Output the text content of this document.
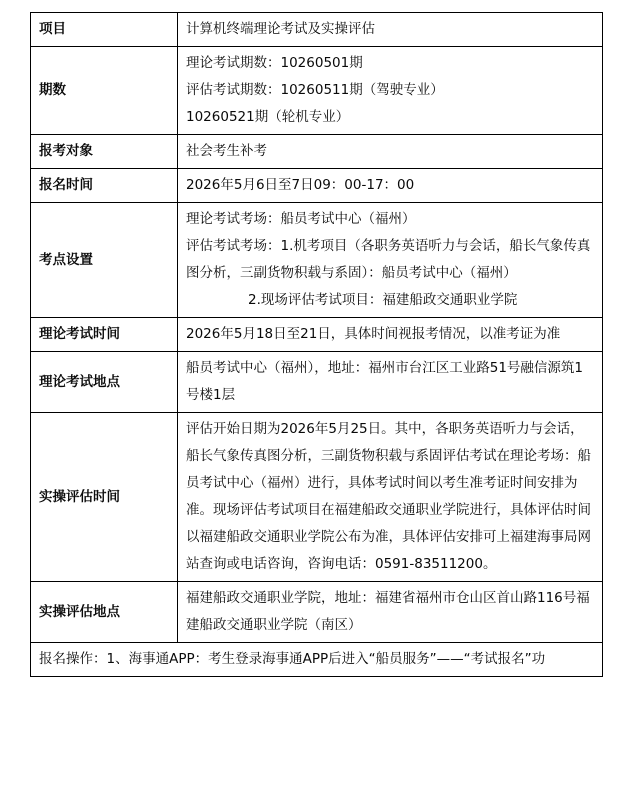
项目	计算机终端理论考试及实操评估

期数	理论考试期数：10260501期
评估考试期数：10260511期（驾驶专业）
10260521期（轮机专业）

报考对象	社会考生补考

报名时间	2026年5月6日至7日09：00-17：00

考点设置	理论考试考场：船员考试中心（福州）
评估考试考场：1.机考项目（各职务英语听力与会话，船长气象传真图分析，三副货物积载与系固）：船员考试中心（福州）
2.现场评估考试项目：福建船政交通职业学院

理论考试时间	2026年5月18日至21日，具体时间视报考情况，以准考证为准

理论考试地点	船员考试中心（福州），地址：福州市台江区工业路51号融信源筑1号楼1层

实操评估时间	评估开始日期为2026年5月25日。其中，各职务英语听力与会话，船长气象传真图分析，三副货物积载与系固评估考试在理论考场：船员考试中心（福州）进行，具体考试时间以考生准考证时间安排为准。现场评估考试项目在福建船政交通职业学院进行，具体评估时间以福建船政交通职业学院公布为准，具体评估安排可上福建海事局网站查询或电话咨询，咨询电话：0591-83511200。

实操评估地点	福建船政交通职业学院，地址：福建省福州市仓山区首山路116号福建船政交通职业学院（南区）

报名操作：1、海事通APP：考生登录海事通APP后进入“船员服务”——“考试报名”功	
